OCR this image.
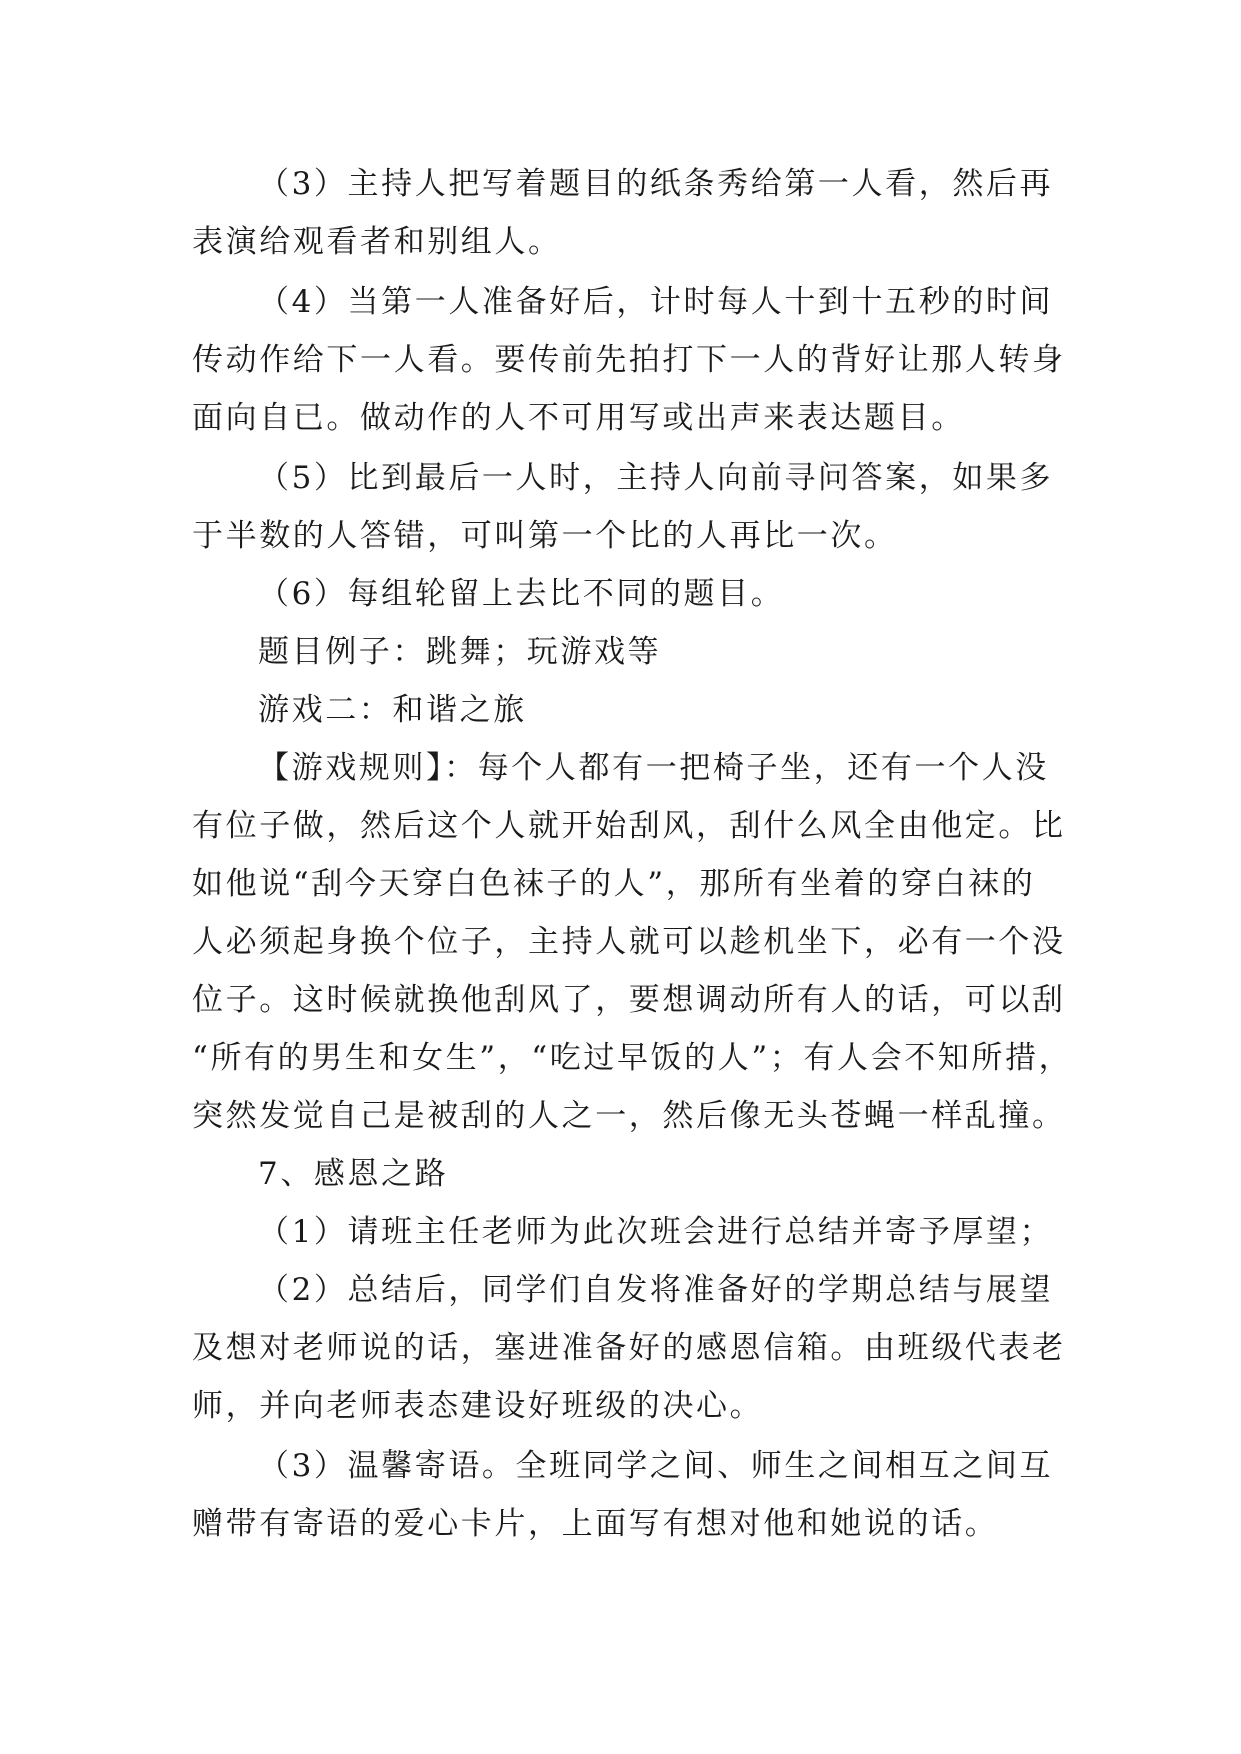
（3）主持人把写着题目的纸条秀给第一人看，然后再
表演给观看者和别组人。
（4）当第一人准备好后，计时每人十到十五秒的时间
传动作给下一人看。要传前先拍打下一人的背好让那人转身
面向自已。做动作的人不可用写或出声来表达题目。
（5）比到最后一人时，主持人向前寻问答案，如果多
于半数的人答错，可叫第一个比的人再比一次。
（6）每组轮留上去比不同的题目。
题目例子：跳舞；玩游戏等
游戏二：和谐之旅
【游戏规则】：每个人都有一把椅子坐，还有一个人没
有位子做，然后这个人就开始刮风，刮什么风全由他定。比
如他说“刮今天穿白色袜子的人”，那所有坐着的穿白袜的
人必须起身换个位子，主持人就可以趁机坐下，必有一个没
位子。这时候就换他刮风了，要想调动所有人的话，可以刮
“所有的男生和女生”，“吃过早饭的人”；有人会不知所措，
突然发觉自己是被刮的人之一，然后像无头苍蝇一样乱撞。
7、感恩之路
（1）请班主任老师为此次班会进行总结并寄予厚望；
（2）总结后，同学们自发将准备好的学期总结与展望
及想对老师说的话，塞进准备好的感恩信箱。由班级代表老
师，并向老师表态建设好班级的决心。
（3）温馨寄语。全班同学之间、师生之间相互之间互
赠带有寄语的爱心卡片，上面写有想对他和她说的话。
